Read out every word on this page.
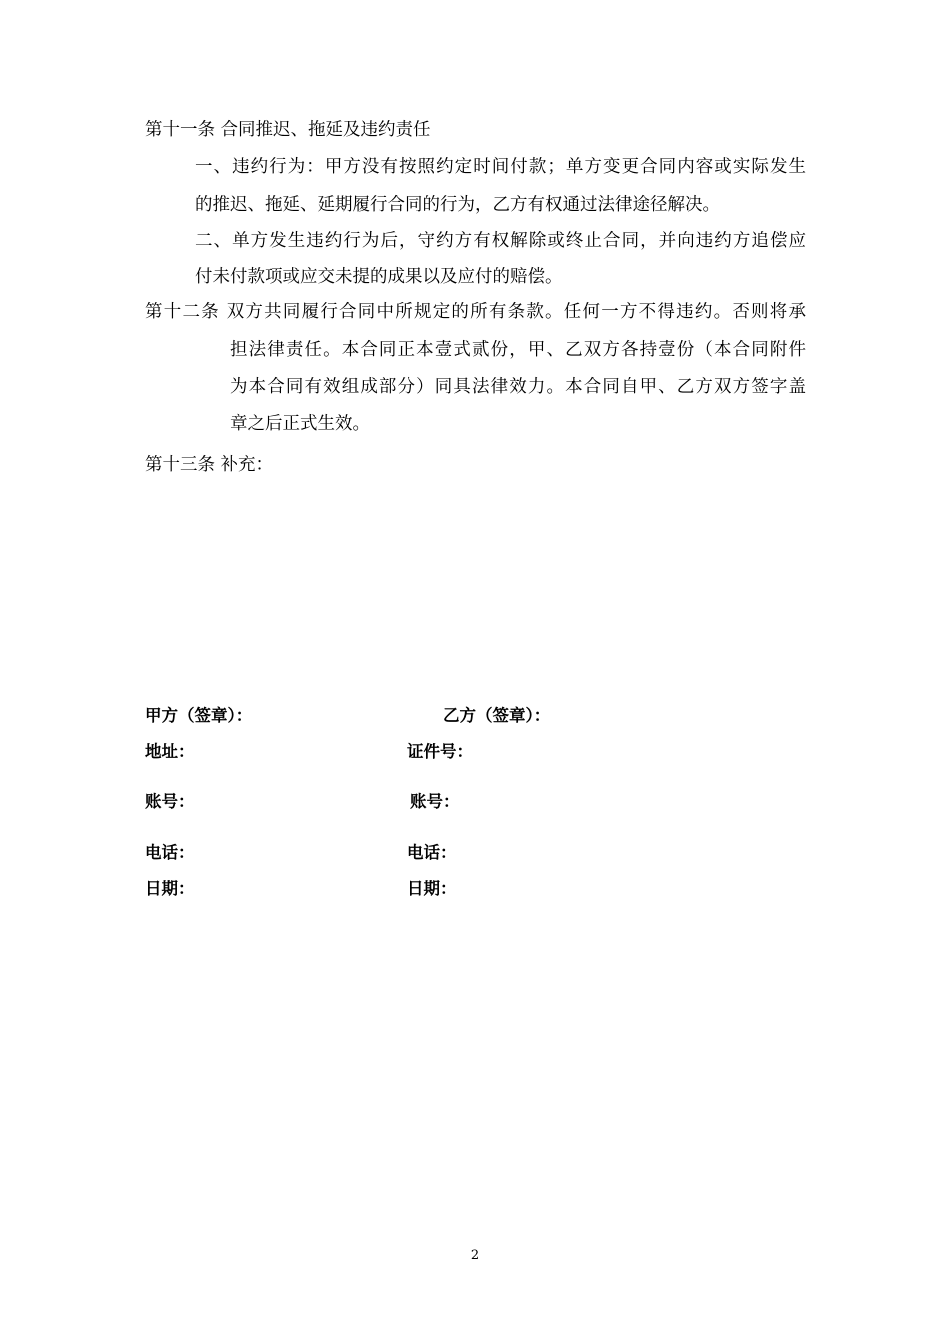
第十一条 合同推迟、拖延及违约责任
一、违约行为：甲方没有按照约定时间付款；单方变更合同内容或实际发生
的推迟、拖延、延期履行合同的行为，乙方有权通过法律途径解决。
二、单方发生违约行为后，守约方有权解除或终止合同，并向违约方追偿应
付未付款项或应交未提的成果以及应付的赔偿。
第十二条 双方共同履行合同中所规定的所有条款。任何一方不得违约。否则将承
担法律责任。本合同正本壹式贰份，甲、乙双方各持壹份（本合同附件
为本合同有效组成部分）同具法律效力。本合同自甲、乙方双方签字盖
章之后正式生效。
第十三条 补充：
甲方（签章）：	乙方（签章）：
地址：	证件号：
账号：	账号：
电话：	电话：
日期：	日期：
2
